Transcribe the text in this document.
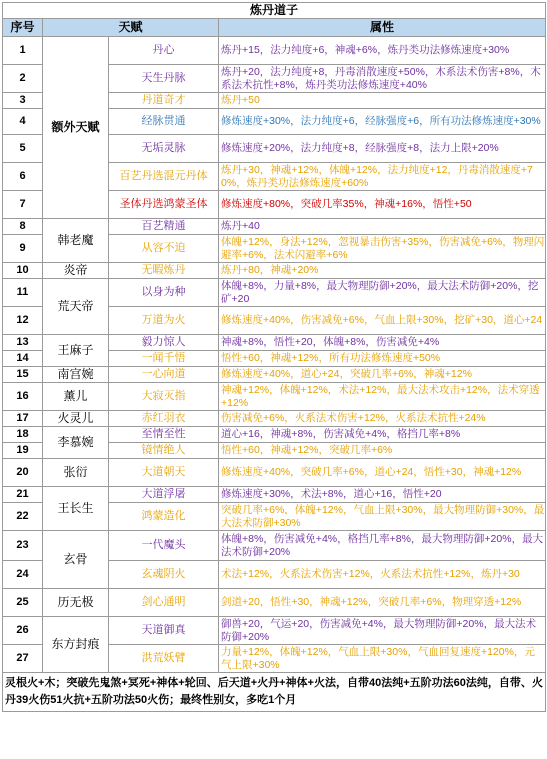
炼丹道子			
序号	天赋		属性
1	额外天赋	丹心	炼丹+15，法力纯度+6，神魂+6%，炼丹类功法修炼速度+30%
2		天生丹脉	炼丹+20，法力纯度+8，丹毒消散速度+50%，木系法术伤害+8%，木系法术抗性+8%，炼丹类功法修炼速度+40%
3		丹道奇才	炼丹+50
4		经脉贯通	修炼速度+30%，法力纯度+6，经脉强度+6，所有功法修炼速度+30%
5		无垢灵脉	修炼速度+20%，法力纯度+8，经脉强度+8，法力上限+20%
6		百艺丹选混元丹体	炼丹+30，神魂+12%，体魄+12%，法力纯度+12，丹毒消散速度+70%，炼丹类功法修炼速度+60%
7		圣体丹选鸿蒙圣体	修炼速度+80%，突破几率35%，神魂+16%，悟性+50
8	韩老魔	百艺精通	炼丹+40
9		从容不迫	体魄+12%，身法+12%，忽视暴击伤害+35%，伤害减免+6%，物理闪避率+6%，法术闪避率+6%
10	炎帝	无暇炼丹	炼丹+80，神魂+20%
11	荒天帝	以身为种	体魄+8%，力量+8%，最大物理防御+20%，最大法术防御+20%，挖矿+20
12		万道为火	修炼速度+40%，伤害减免+6%，气血上限+30%，挖矿+30，道心+24
13	王麻子	毅力惊人	神魂+8%，悟性+20，体魄+8%，伤害减免+4%
14		一闻千悟	悟性+60，神魂+12%，所有功法修炼速度+50%
15	南宫婉	一心向道	修炼速度+40%，道心+24，突破几率+6%，神魂+12%
16	薰儿	大寂灭指	神魂+12%，体魄+12%，术法+12%，最大法术攻击+12%，法术穿透+12%
17	火灵儿	赤红羽衣	伤害减免+6%，火系法术伤害+12%，火系法术抗性+24%
18	李慕婉	至情至性	道心+16，神魂+8%，伤害减免+4%，格挡几率+8%
19		镜情绝人	悟性+60，神魂+12%，突破几率+6%
20	张衍	大道朝天	修炼速度+40%，突破几率+6%，道心+24，悟性+30，神魂+12%
21	王长生	大道浮屠	修炼速度+30%，术法+8%，道心+16，悟性+20
22		鸿蒙造化	突破几率+6%，体魄+12%，气血上限+30%，最大物理防御+30%，最大法术防御+30%
23	玄骨	一代魔头	体魄+8%，伤害减免+4%，格挡几率+8%，最大物理防御+20%，最大法术防御+20%
24		玄魂阴火	术法+12%，火系法术伤害+12%，火系法术抗性+12%，炼丹+30
25	历无极	剑心通明	剑道+20，悟性+30，神魂+12%，突破几率+6%，物理穿透+12%
26	东方封痕	天道御真	御兽+20，气运+20，伤害减免+4%，最大物理防御+20%，最大法术防御+20%
27		洪荒妖臂	力量+12%，体魄+12%，气血上限+30%，气血回复速度+120%，元气上限+30%
灵根火+木；突破先鬼煞+冥死+神体+轮回、后天道+火丹+神体+火法，自带40法纯+五阶功法60法纯，自带、火丹39火伤51火抗+五阶功法50火伤；最终性别女，多吃1个月			
